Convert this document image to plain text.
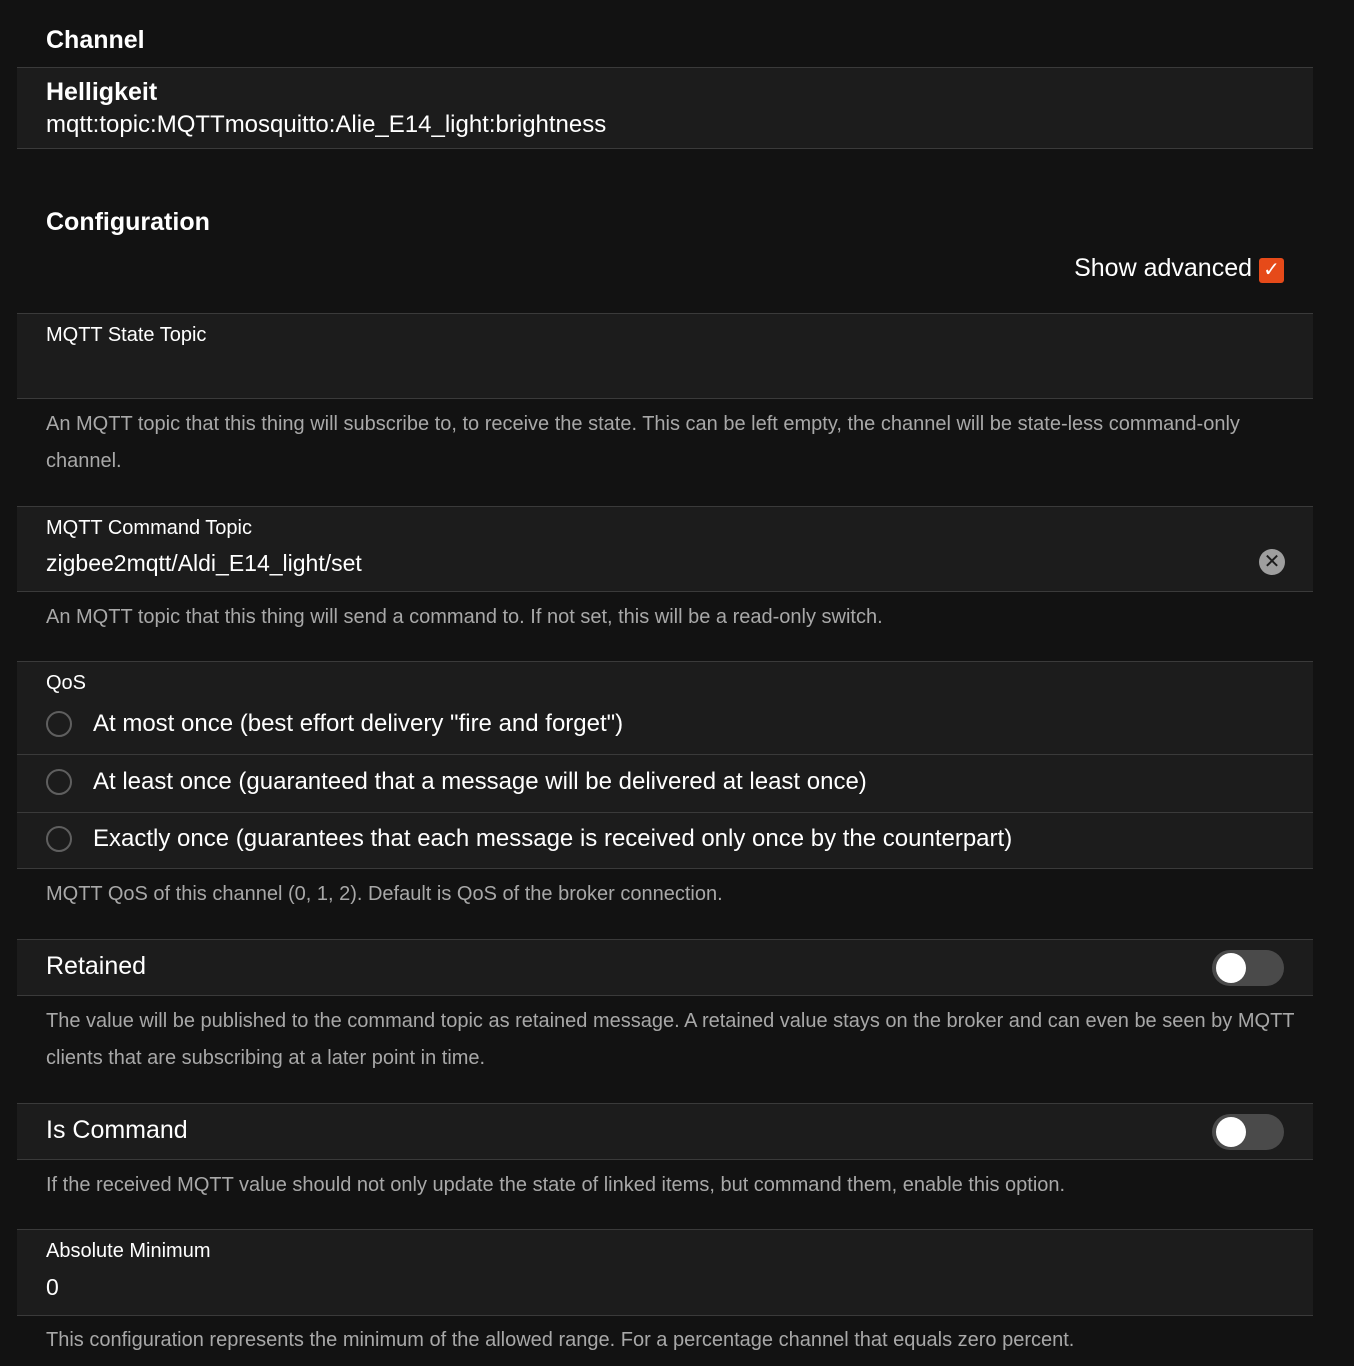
Channel
Helligkeit
mqtt:topic:MQTTmosquitto:Alie_E14_light:brightness
Configuration
Show advanced ✓
MQTT State Topic
An MQTT topic that this thing will subscribe to, to receive the state. This can be left empty, the channel will be state-less command-only channel.
MQTT Command Topic
zigbee2mqtt/Aldi_E14_light/set	✕
An MQTT topic that this thing will send a command to. If not set, this will be a read-only switch.
QoS
At most once (best effort delivery "fire and forget")
At least once (guaranteed that a message will be delivered at least once)
Exactly once (guarantees that each message is received only once by the counterpart)
MQTT QoS of this channel (0, 1, 2). Default is QoS of the broker connection.
Retained
The value will be published to the command topic as retained message. A retained value stays on the broker and can even be seen by MQTT clients that are subscribing at a later point in time.
Is Command
If the received MQTT value should not only update the state of linked items, but command them, enable this option.
Absolute Minimum
0
This configuration represents the minimum of the allowed range. For a percentage channel that equals zero percent.
